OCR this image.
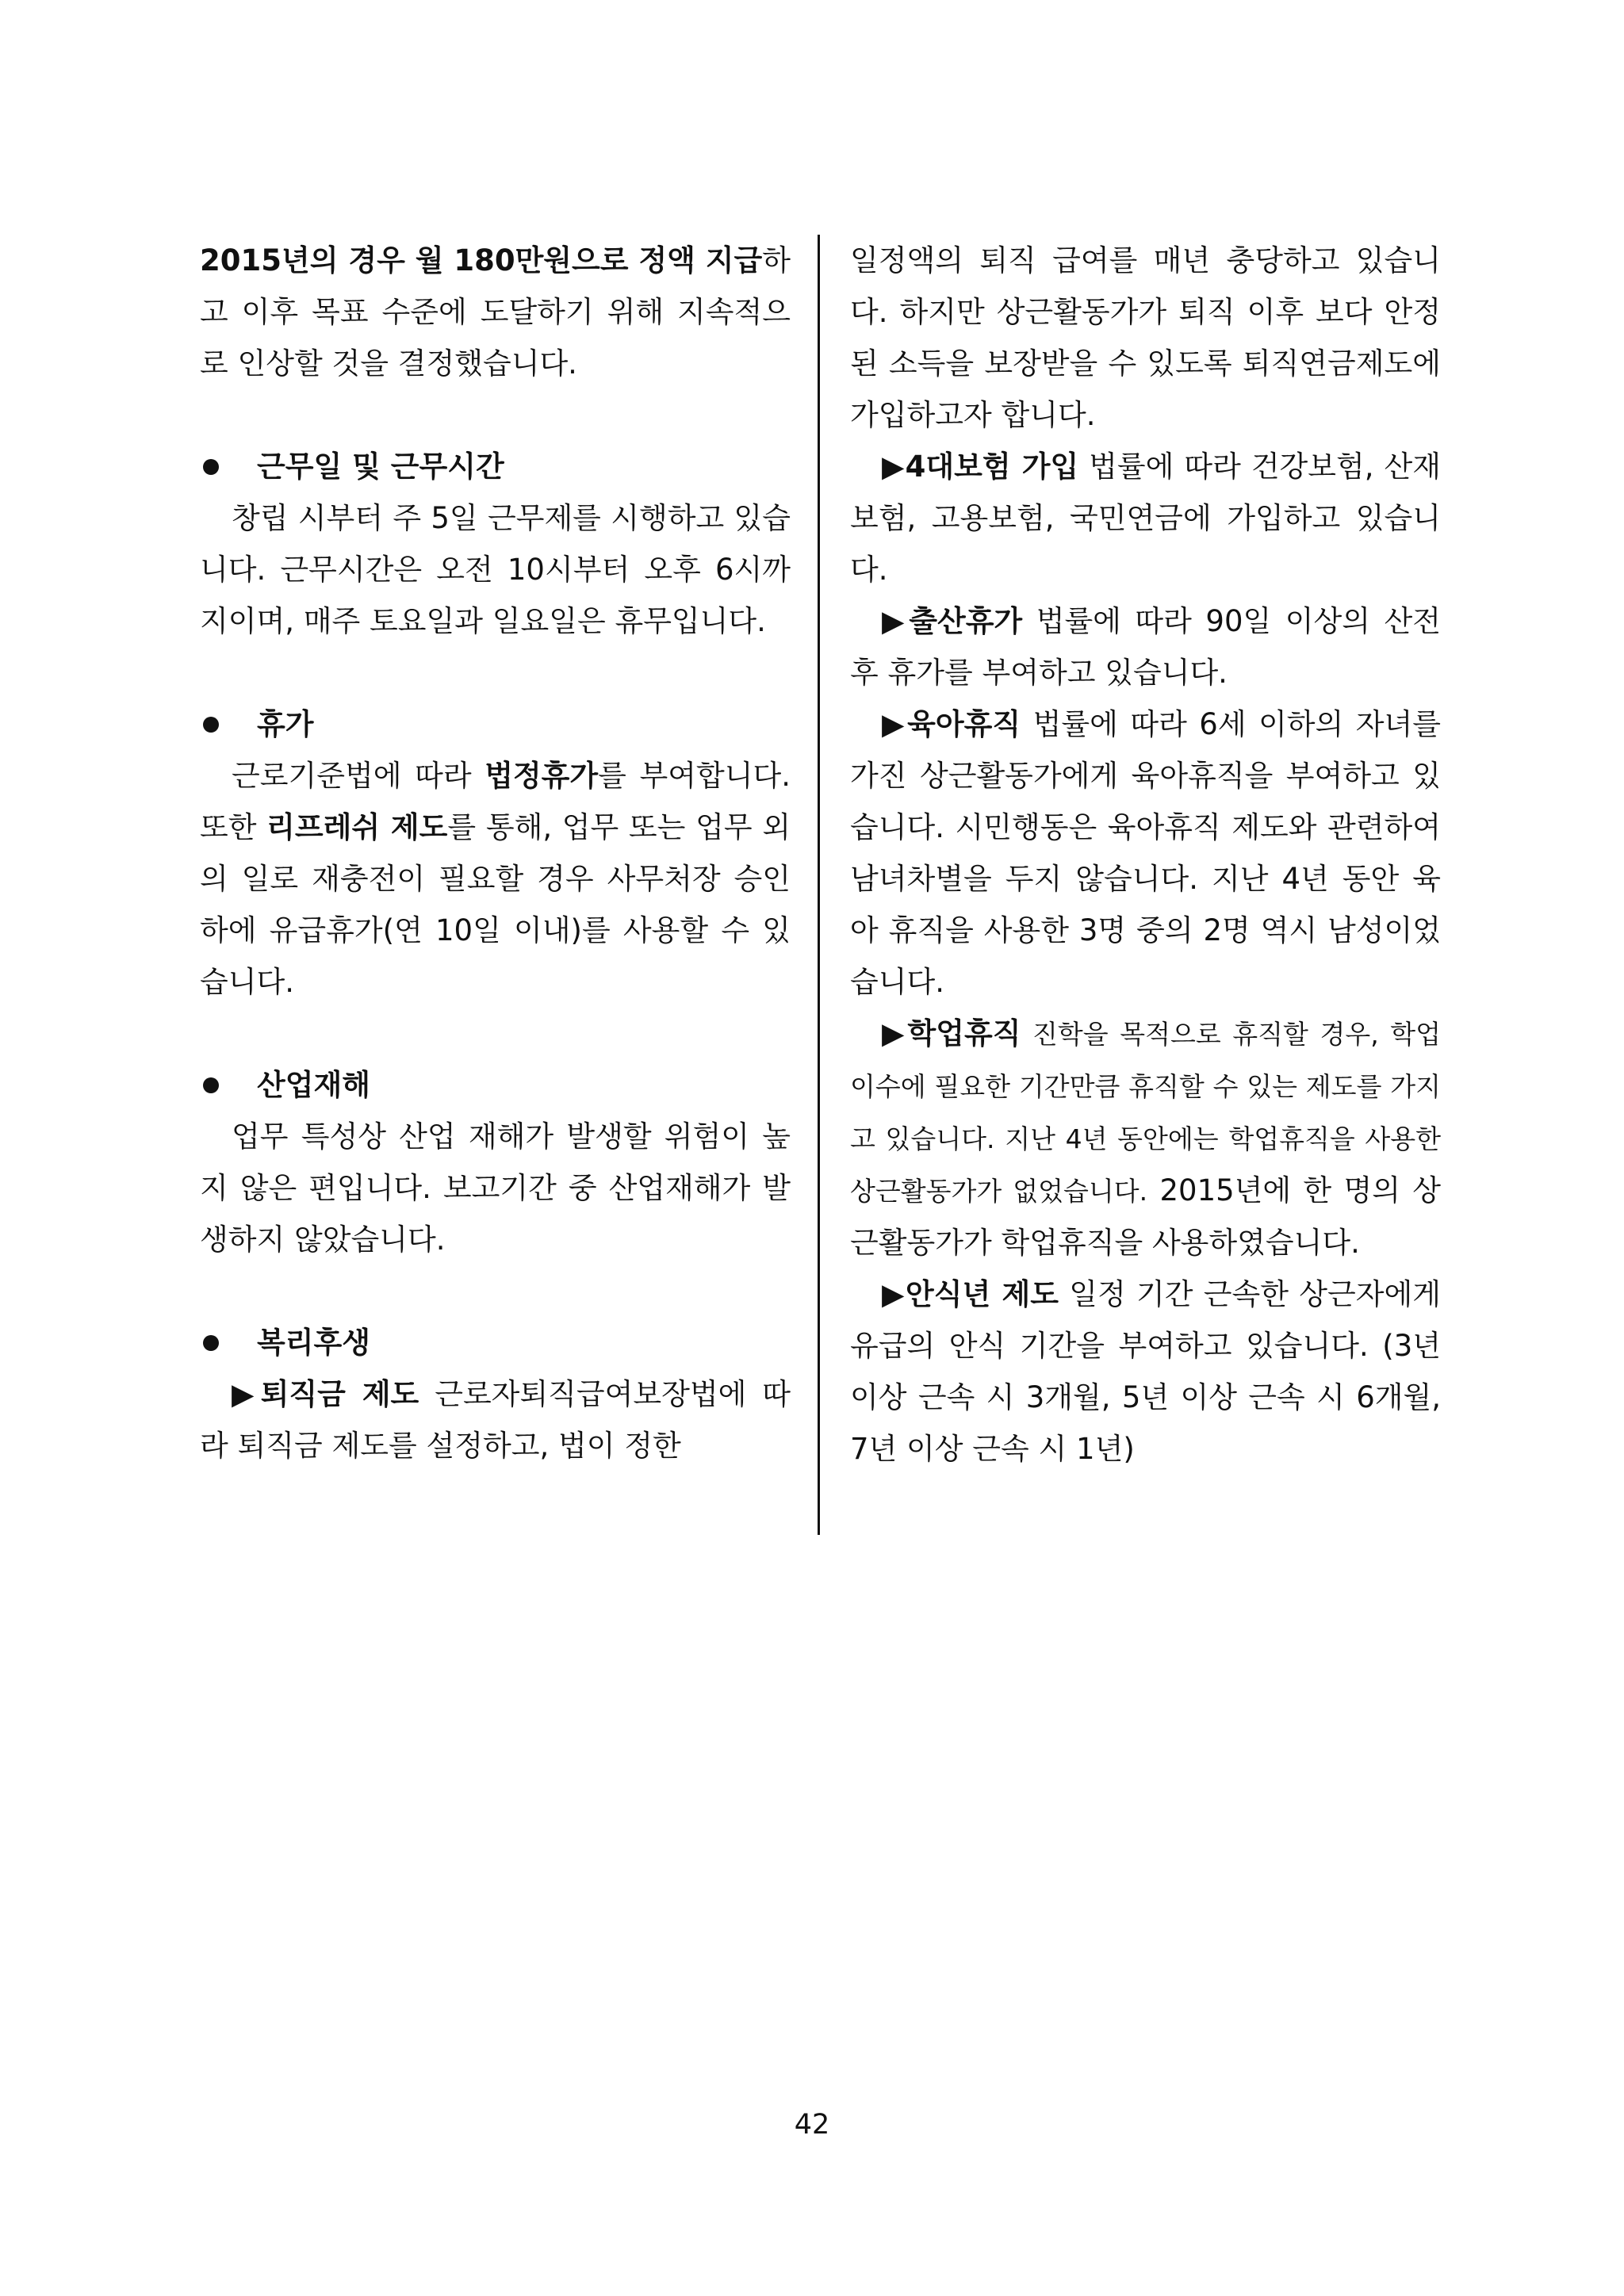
2015년의 경우 월 180만원으로 정액 지급하고 이후 목표 수준에 도달하기 위해 지속적으로 인상할 것을 결정했습니다.

근무일 및 근무시간

창립 시부터 주 5일 근무제를 시행하고 있습니다. 근무시간은 오전 10시부터 오후 6시까지이며, 매주 토요일과 일요일은 휴무입니다.

휴가

근로기준법에 따라 법정휴가를 부여합니다. 또한 리프레쉬 제도를 통해, 업무 또는 업무 외의 일로 재충전이 필요할 경우 사무처장 승인 하에 유급휴가(연 10일 이내)를 사용할 수 있습니다.

산업재해

업무 특성상 산업 재해가 발생할 위험이 높지 않은 편입니다. 보고기간 중 산업재해가 발생하지 않았습니다.

복리후생

▶퇴직금 제도 근로자퇴직급여보장법에 따라 퇴직금 제도를 설정하고, 법이 정한

일정액의 퇴직 급여를 매년 충당하고 있습니다. 하지만 상근활동가가 퇴직 이후 보다 안정된 소득을 보장받을 수 있도록 퇴직연금제도에 가입하고자 합니다.

▶4대보험 가입 법률에 따라 건강보험, 산재보험, 고용보험, 국민연금에 가입하고 있습니다.

▶출산휴가 법률에 따라 90일 이상의 산전 후 휴가를 부여하고 있습니다.

▶육아휴직 법률에 따라 6세 이하의 자녀를 가진 상근활동가에게 육아휴직을 부여하고 있습니다. 시민행동은 육아휴직 제도와 관련하여 남녀차별을 두지 않습니다. 지난 4년 동안 육아 휴직을 사용한 3명 중의 2명 역시 남성이었습니다.

▶학업휴직 진학을 목적으로 휴직할 경우, 학업 이수에 필요한 기간만큼 휴직할 수 있는 제도를 가지고 있습니다. 지난 4년 동안에는 학업휴직을 사용한 상근활동가가 없었습니다. 2015년에 한 명의 상근활동가가 학업휴직을 사용하였습니다.

▶안식년 제도 일정 기간 근속한 상근자에게 유급의 안식 기간을 부여하고 있습니다. (3년 이상 근속 시 3개월, 5년 이상 근속 시 6개월, 7년 이상 근속 시 1년)

42
